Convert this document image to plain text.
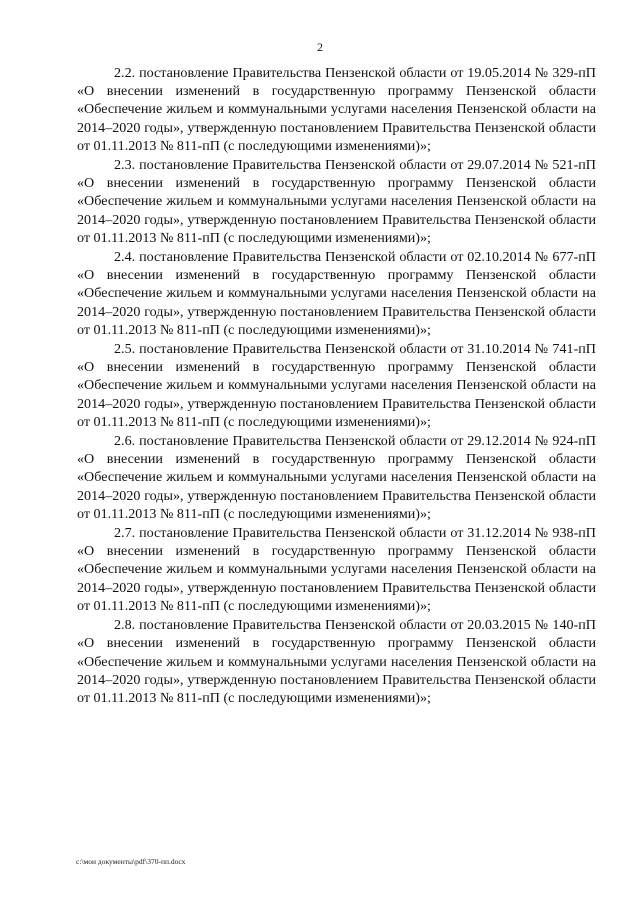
2

2.2. постановление Правительства Пензенской области от 19.05.2014 № 329-пП «О внесении изменений в государственную программу Пензенской области «Обеспечение жильем и коммунальными услугами населения Пензенской области на 2014–2020 годы», утвержденную постановлением Правительства Пензенской области от 01.11.2013 № 811-пП (с последующими изменениями)»;

2.3. постановление Правительства Пензенской области от 29.07.2014 № 521-пП «О внесении изменений в государственную программу Пензенской области «Обеспечение жильем и коммунальными услугами населения Пензенской области на 2014–2020 годы», утвержденную постановлением Правительства Пензенской области от 01.11.2013 № 811-пП (с последующими изменениями)»;

2.4. постановление Правительства Пензенской области от 02.10.2014 № 677-пП «О внесении изменений в государственную программу Пензенской области «Обеспечение жильем и коммунальными услугами населения Пензенской области на 2014–2020 годы», утвержденную постановлением Правительства Пензенской области от 01.11.2013 № 811-пП (с последующими изменениями)»;

2.5. постановление Правительства Пензенской области от 31.10.2014 № 741-пП «О внесении изменений в государственную программу Пензенской области «Обеспечение жильем и коммунальными услугами населения Пензенской области на 2014–2020 годы», утвержденную постановлением Правительства Пензенской области от 01.11.2013 № 811-пП (с последующими изменениями)»;

2.6. постановление Правительства Пензенской области от 29.12.2014 № 924-пП «О внесении изменений в государственную программу Пензенской области «Обеспечение жильем и коммунальными услугами населения Пензенской области на 2014–2020 годы», утвержденную постановлением Правительства Пензенской области от 01.11.2013 № 811-пП (с последующими изменениями)»;

2.7. постановление Правительства Пензенской области от 31.12.2014 № 938-пП «О внесении изменений в государственную программу Пензенской области «Обеспечение жильем и коммунальными услугами населения Пензенской области на 2014–2020 годы», утвержденную постановлением Правительства Пензенской области от 01.11.2013 № 811-пП (с последующими изменениями)»;

2.8. постановление Правительства Пензенской области от 20.03.2015 № 140-пП «О внесении изменений в государственную программу Пензенской области «Обеспечение жильем и коммунальными услугами населения Пензенской области на 2014–2020 годы», утвержденную постановлением Правительства Пензенской области от 01.11.2013 № 811-пП (с последующими изменениями)»;

c:\мои документы\pdf\370-пп.docx
